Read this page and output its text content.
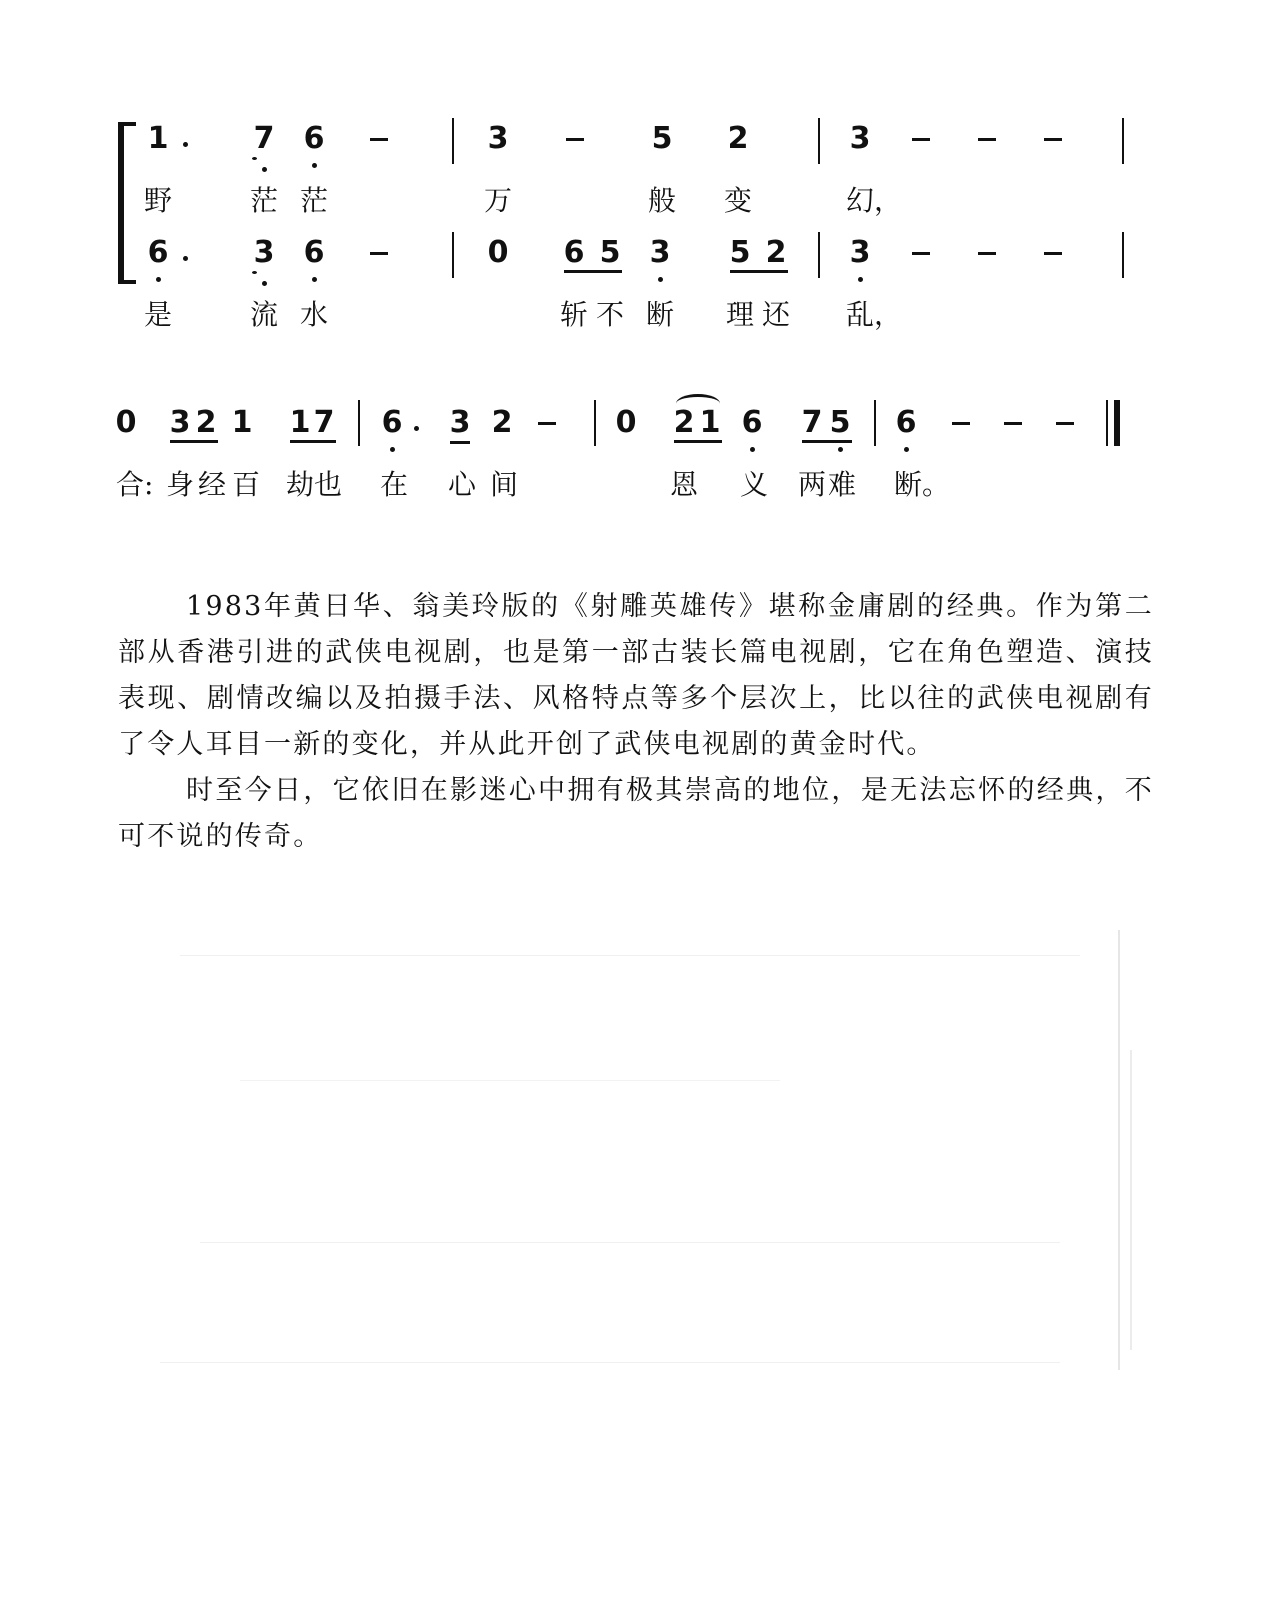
1	7 6	3	5 2	3
野	茫 茫	万	般 变	幻，
6	3 6	0 6 5 3 5 2 3
是	流 水	斩 不 断 理 还 乱，
0 3 2 1 1 7 6 3 2	0 2 1 6 7 5 6
合: 身 经 百 劫 也 在 心 间	恩 义 两 难 断。
1983年黄日华、翁美玲版的《射雕英雄传》堪称金庸剧的经典。作为第二部从香港引进的武侠电视剧，也是第一部古装长篇电视剧，它在角色塑造、演技表现、剧情改编以及拍摄手法、风格特点等多个层次上，比以往的武侠电视剧有了令人耳目一新的变化，并从此开创了武侠电视剧的黄金时代。
时至今日，它依旧在影迷心中拥有极其崇高的地位，是无法忘怀的经典，不可不说的传奇。
